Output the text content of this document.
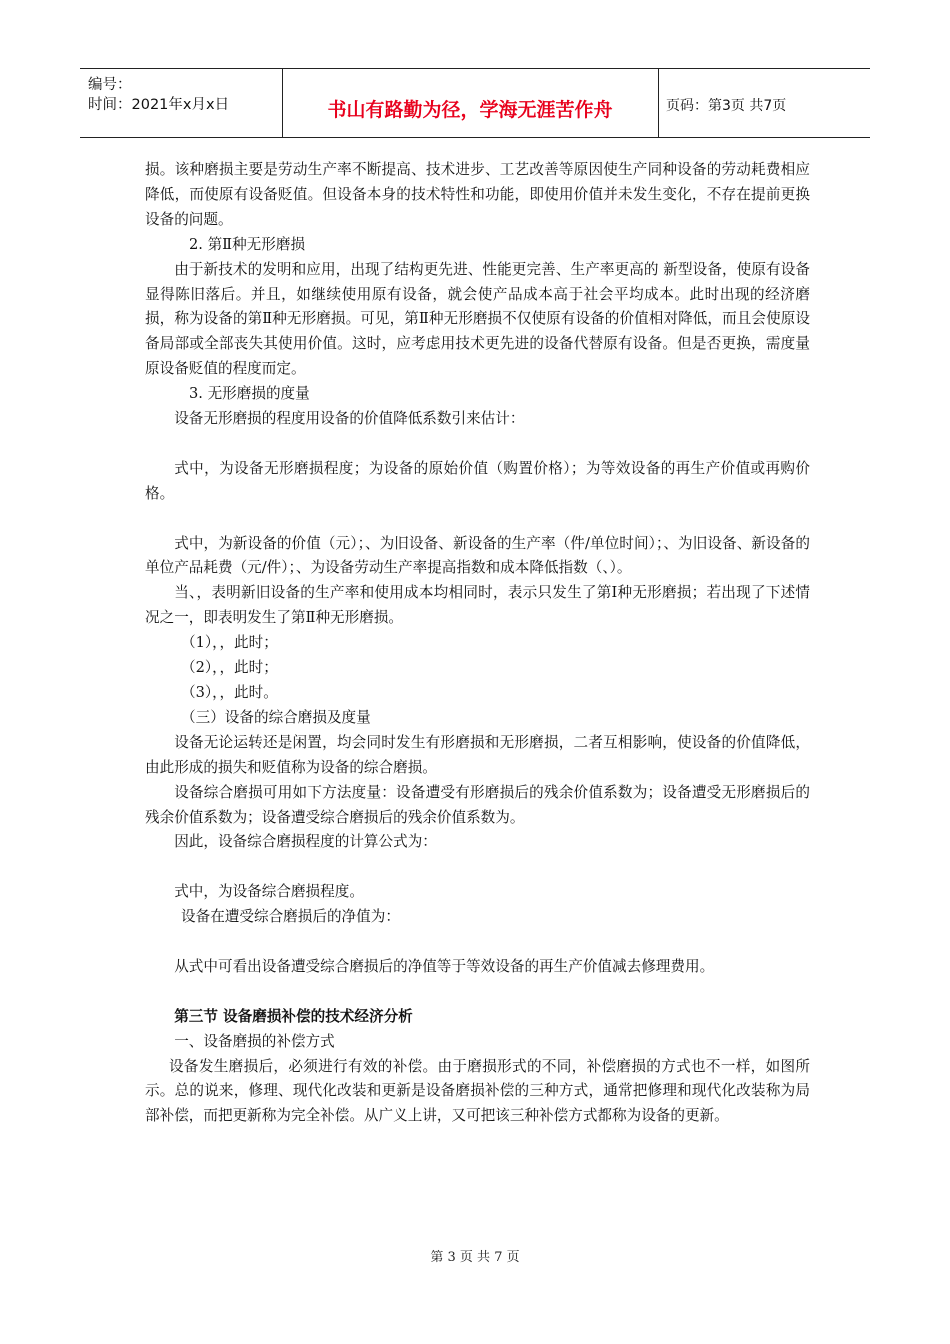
编号：
时间：2021年x月x日	书山有路勤为径，学海无涯苦作舟	页码：第3页 共7页

损。该种磨损主要是劳动生产率不断提高、技术进步、工艺改善等原因使生产同种设备的劳动耗费相应降低，而使原有设备贬值。但设备本身的技术特性和功能，即使用价值并未发生变化，不存在提前更换设备的问题。

2. 第Ⅱ种无形磨损

由于新技术的发明和应用，出现了结构更先进、性能更完善、生产率更高的 新型设备，使原有设备显得陈旧落后。并且，如继续使用原有设备，就会使产品成本高于社会平均成本。此时出现的经济磨损，称为设备的第Ⅱ种无形磨损。可见，第Ⅱ种无形磨损不仅使原有设备的价值相对降低，而且会使原设备局部或全部丧失其使用价值。这时，应考虑用技术更先进的设备代替原有设备。但是否更换，需度量原设备贬值的程度而定。

3. 无形磨损的度量

设备无形磨损的程度用设备的价值降低系数引来估计：

式中，为设备无形磨损程度；为设备的原始价值（购置价格）；为等效设备的再生产价值或再购价格。

式中，为新设备的价值（元）；、为旧设备、新设备的生产率（件/单位时间）；、为旧设备、新设备的单位产品耗费（元/件）；、为设备劳动生产率提高指数和成本降低指数（、）。

当、，表明新旧设备的生产率和使用成本均相同时，表示只发生了第Ⅰ种无形磨损；若出现了下述情况之一，即表明发生了第Ⅱ种无形磨损。

（1），，此时；

（2），，此时；

（3），，此时。

（三）设备的综合磨损及度量

设备无论运转还是闲置，均会同时发生有形磨损和无形磨损，二者互相影响，使设备的价值降低，由此形成的损失和贬值称为设备的综合磨损。

设备综合磨损可用如下方法度量：设备遭受有形磨损后的残余价值系数为；设备遭受无形磨损后的残余价值系数为；设备遭受综合磨损后的残余价值系数为。

因此，设备综合磨损程度的计算公式为：

式中，为设备综合磨损程度。

设备在遭受综合磨损后的净值为：

从式中可看出设备遭受综合磨损后的净值等于等效设备的再生产价值减去修理费用。

第三节 设备磨损补偿的技术经济分析

一、设备磨损的补偿方式

设备发生磨损后，必须进行有效的补偿。由于磨损形式的不同，补偿磨损的方式也不一样，如图所示。总的说来，修理、现代化改装和更新是设备磨损补偿的三种方式，通常把修理和现代化改装称为局部补偿，而把更新称为完全补偿。从广义上讲，又可把该三种补偿方式都称为设备的更新。

第 3 页 共 7 页
